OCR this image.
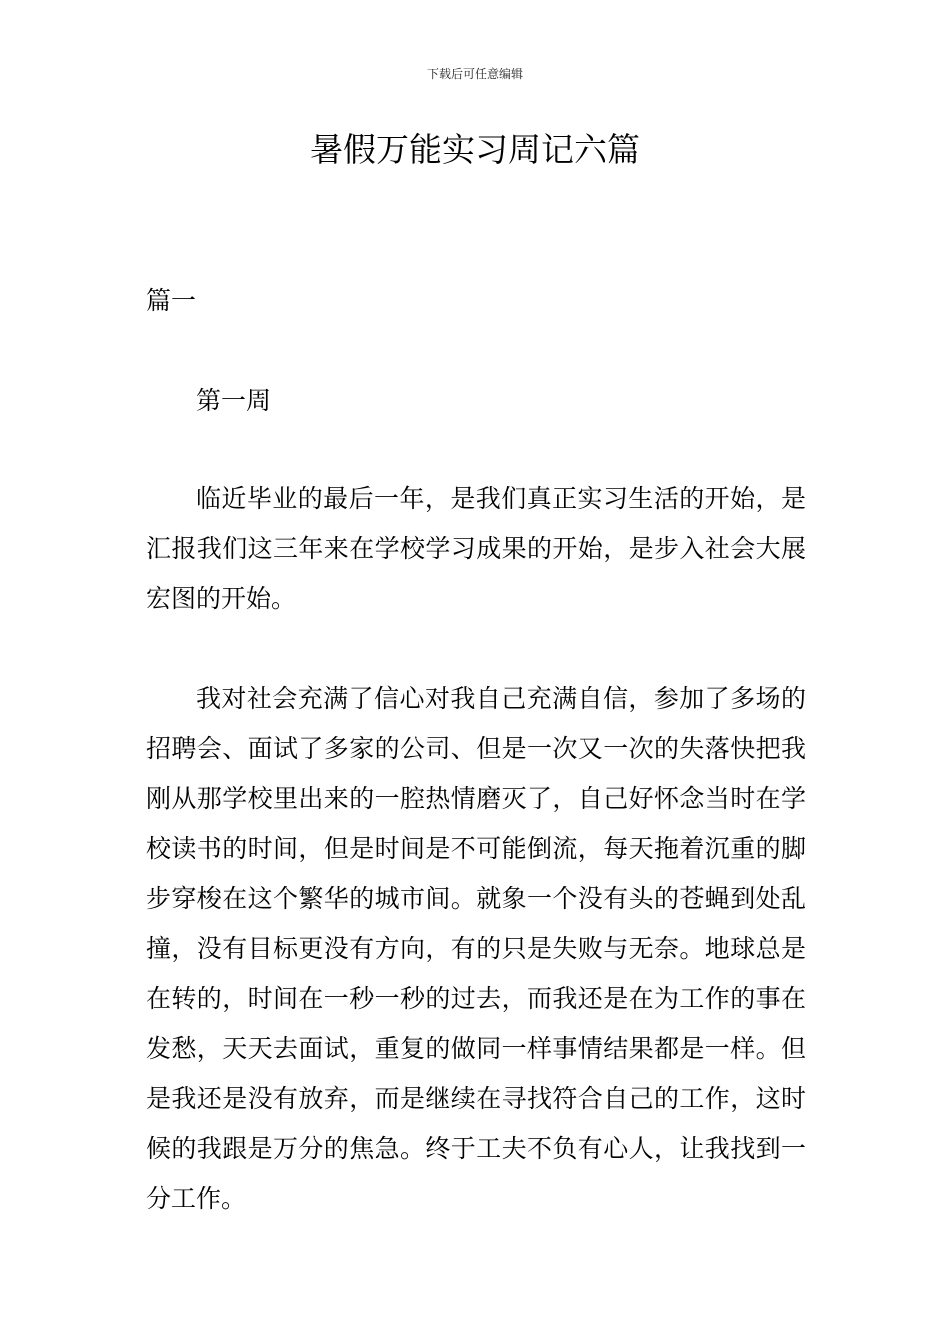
下载后可任意编辑
暑假万能实习周记六篇

篇一

第一周

临近毕业的最后一年，是我们真正实习生活的开始，是汇报我们这三年来在学校学习成果的开始，是步入社会大展宏图的开始。

我对社会充满了信心对我自己充满自信，参加了多场的招聘会、面试了多家的公司、但是一次又一次的失落快把我刚从那学校里出来的一腔热情磨灭了，自己好怀念当时在学校读书的时间，但是时间是不可能倒流，每天拖着沉重的脚步穿梭在这个繁华的城市间。就象一个没有头的苍蝇到处乱撞，没有目标更没有方向，有的只是失败与无奈。地球总是在转的，时间在一秒一秒的过去，而我还是在为工作的事在发愁，天天去面试，重复的做同一样事情结果都是一样。但是我还是没有放弃，而是继续在寻找符合自己的工作，这时候的我跟是万分的焦急。终于工夫不负有心人，让我找到一分工作。
